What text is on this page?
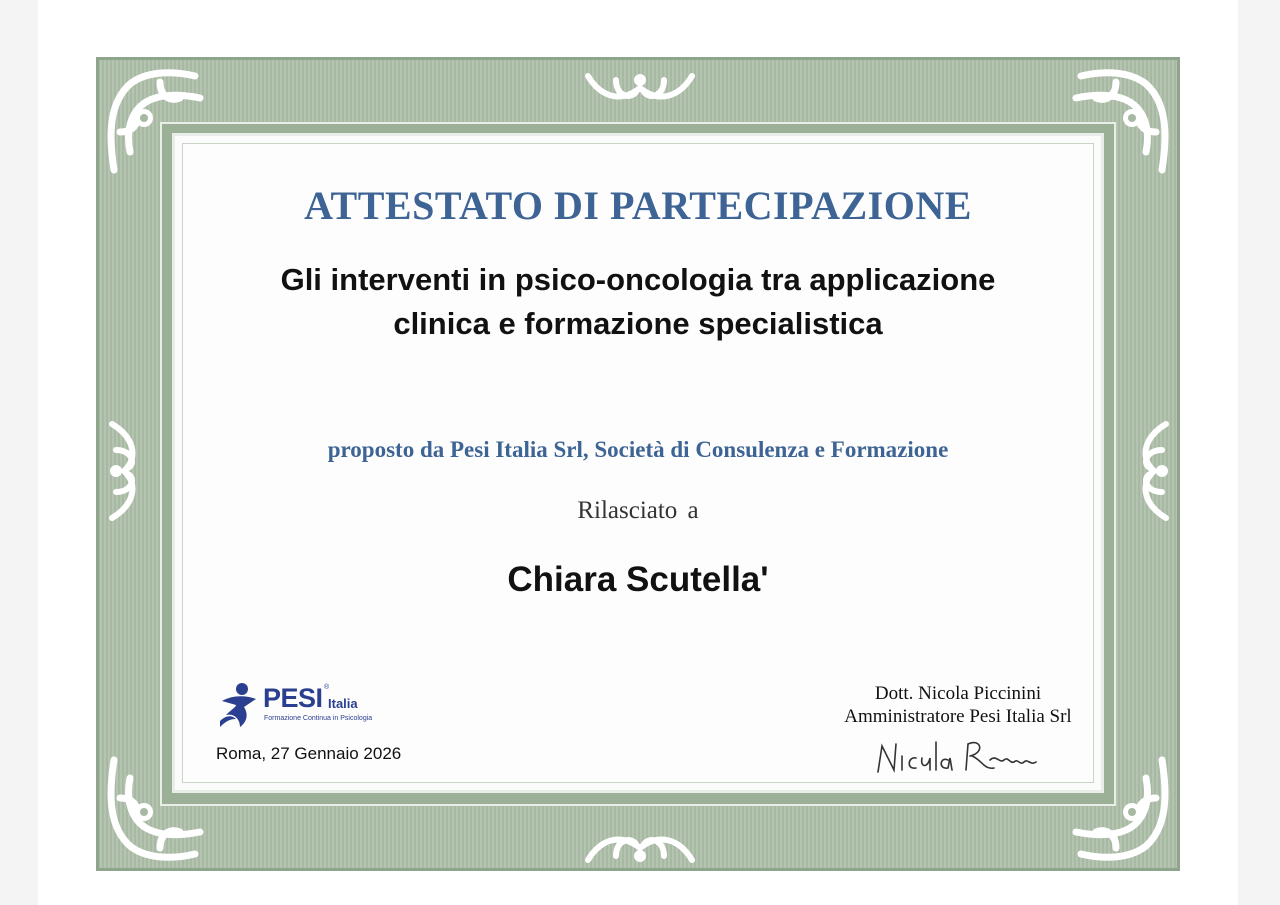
ATTESTATO DI PARTECIPAZIONE
Gli interventi in psico-oncologia tra applicazione
clinica e formazione specialistica
proposto da Pesi Italia Srl, Società di Consulenza e Formazione
Rilasciato a
Chiara Scutella'
PESI ®
Italia
Formazione Continua in Psicologia
Roma, 27 Gennaio 2026
Dott. Nicola Piccinini
Amministratore Pesi Italia Srl
